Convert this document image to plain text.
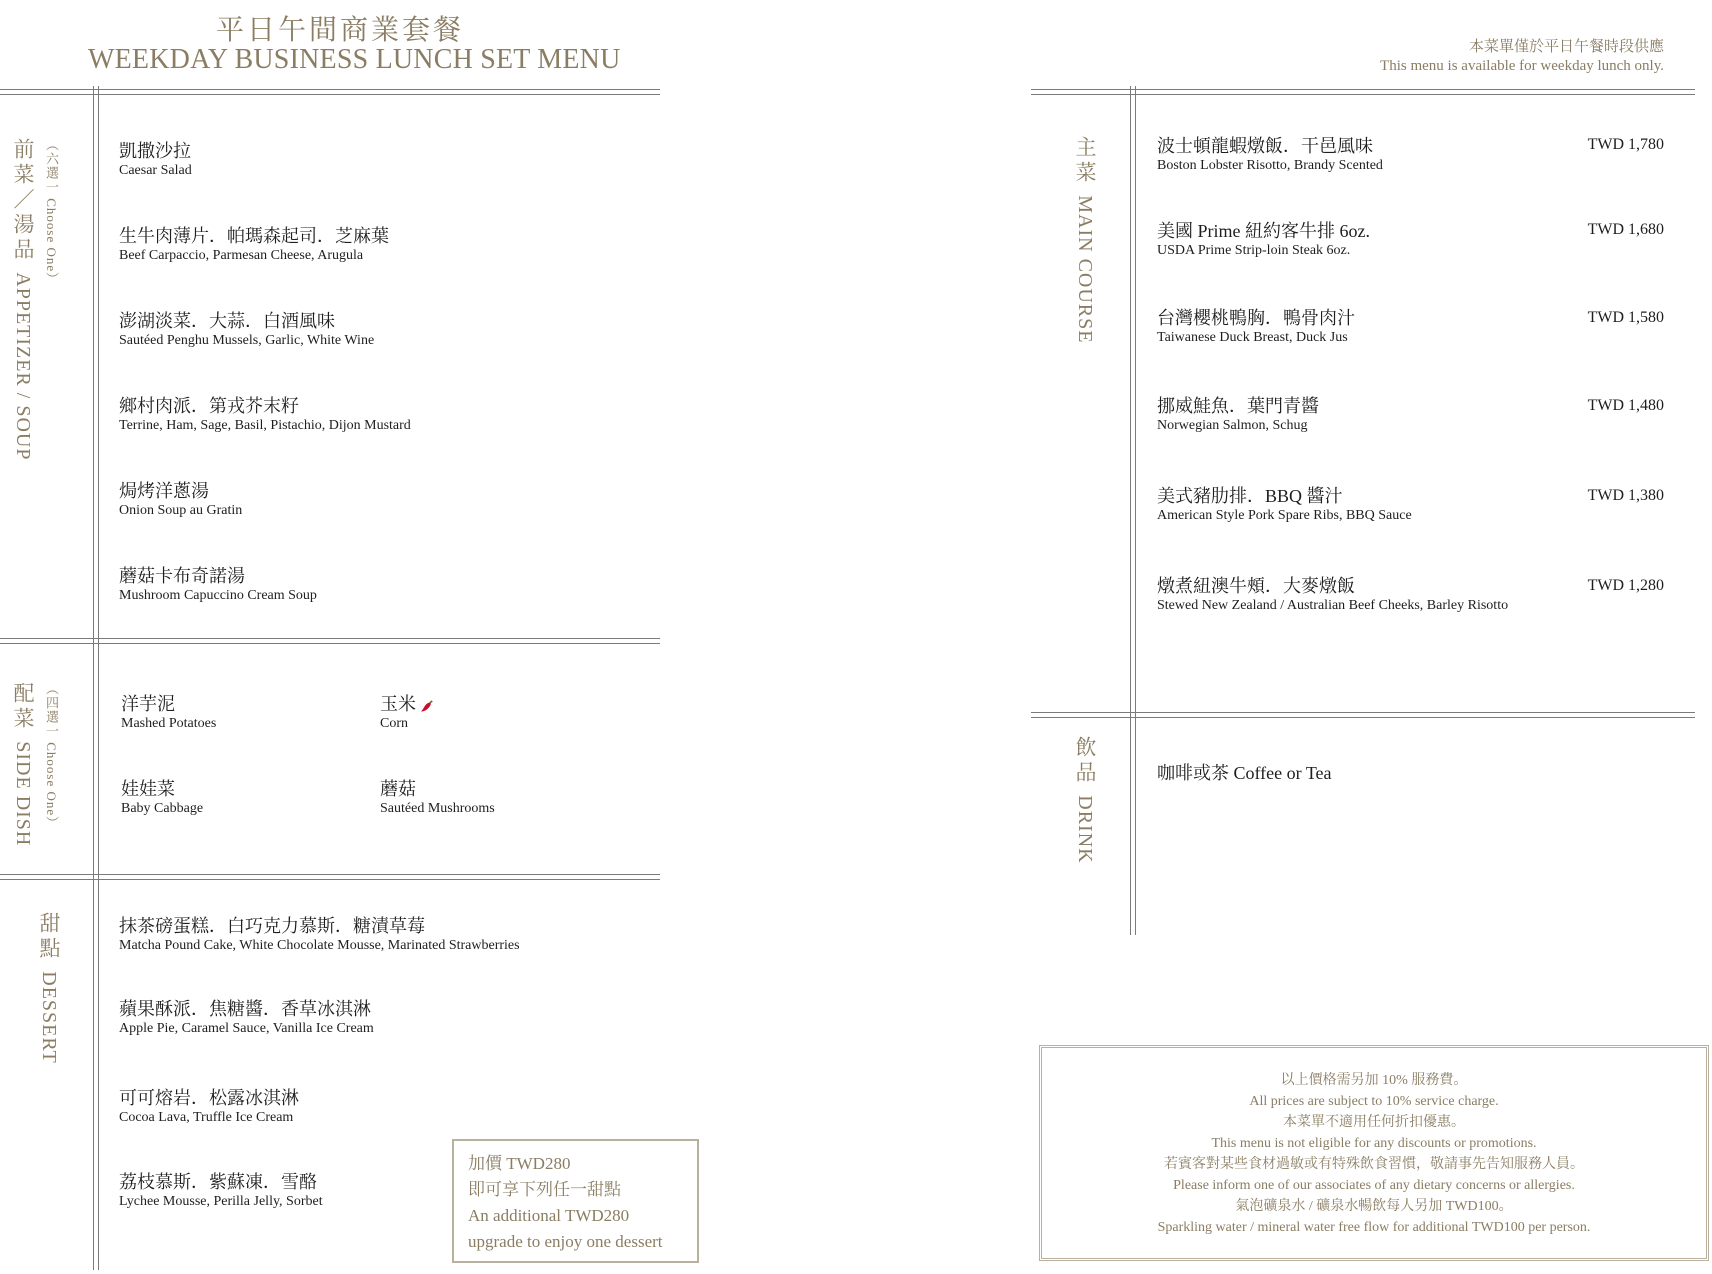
平日午間商業套餐
WEEKDAY BUSINESS LUNCH SET MENU	本菜單僅於平日午餐時段供應
This menu is available for weekday lunch only.
前菜／湯品 APPETIZER / SOUP
（六選一 Choose One）	凱撒沙拉
Caesar Salad
生牛肉薄片．帕瑪森起司．芝麻葉
Beef Carpaccio, Parmesan Cheese, Arugula
澎湖淡菜．大蒜．白酒風味
Sautéed Penghu Mussels, Garlic, White Wine
鄉村肉派．第戎芥末籽
Terrine, Ham, Sage, Basil, Pistachio, Dijon Mustard
焗烤洋蔥湯
Onion Soup au Gratin
蘑菇卡布奇諾湯
Mushroom Capuccino Cream Soup
配菜 SIDE DISH （四選一 Choose One）	洋芋泥
Mashed Potatoes
玉米
Corn
娃娃菜
Baby Cabbage
蘑菇
Sautéed Mushrooms
甜點 DESSERT
抹茶磅蛋糕．白巧克力慕斯．糖漬草莓
Matcha Pound Cake, White Chocolate Mousse, Marinated Strawberries
蘋果酥派．焦糖醬．香草冰淇淋
Apple Pie, Caramel Sauce, Vanilla Ice Cream
可可熔岩．松露冰淇淋
Cocoa Lava, Truffle Ice Cream
荔枝慕斯．紫蘇凍．雪酪
Lychee Mousse, Perilla Jelly, Sorbet
加價 TWD280
即可享下列任一甜點
An additional TWD280
upgrade to enjoy one dessert
主菜 MAIN COURSE
波士頓龍蝦燉飯．干邑風味
Boston Lobster Risotto, Brandy Scented
TWD 1,780
美國 Prime 紐約客牛排 6oz.
USDA Prime Strip-loin Steak 6oz.
TWD 1,680
台灣櫻桃鴨胸．鴨骨肉汁
Taiwanese Duck Breast, Duck Jus
TWD 1,580
挪威鮭魚．葉門青醬
Norwegian Salmon, Schug
TWD 1,480
美式豬肋排．BBQ 醬汁
American Style Pork Spare Ribs, BBQ Sauce
TWD 1,380
燉煮紐澳牛頰．大麥燉飯
Stewed New Zealand / Australian Beef Cheeks, Barley Risotto
TWD 1,280
飲品 DRINK
咖啡或茶 Coffee or Tea
以上價格需另加 10% 服務費。
All prices are subject to 10% service charge.
本菜單不適用任何折扣優惠。
This menu is not eligible for any discounts or promotions.
若賓客對某些食材過敏或有特殊飲食習慣，敬請事先告知服務人員。
Please inform one of our associates of any dietary concerns or allergies.
氣泡礦泉水 / 礦泉水暢飲每人另加 TWD100。
Sparkling water / mineral water free flow for additional TWD100 per person.
